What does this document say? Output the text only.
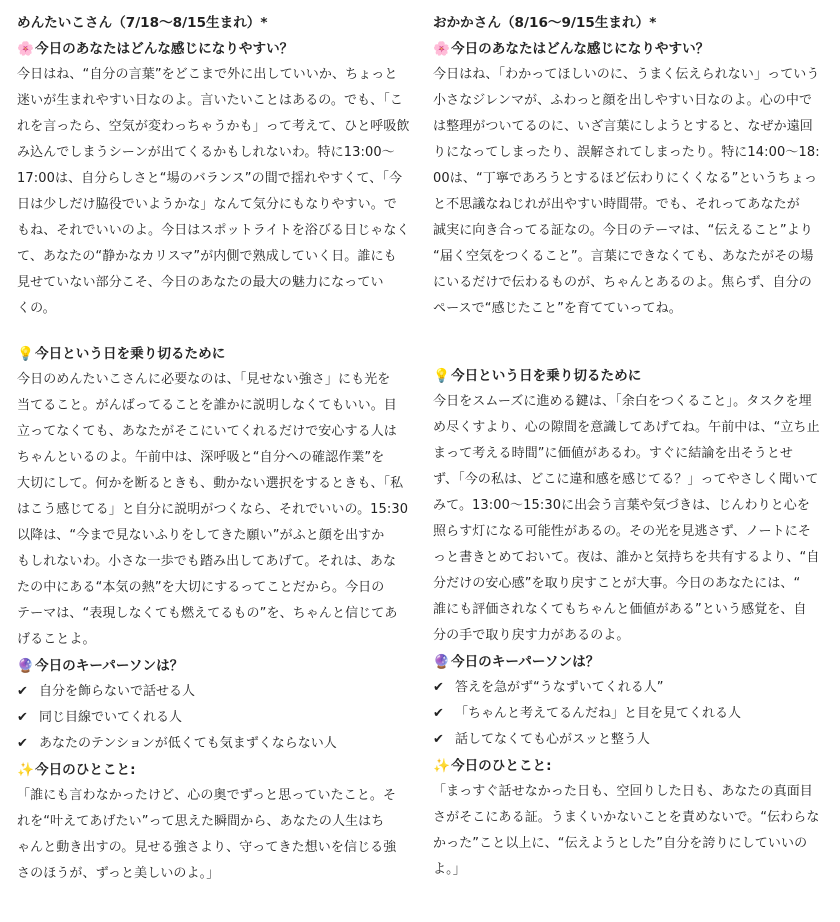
めんたいこさん（7/18〜8/15生まれ）*
🌸今日のあなたはどんな感じになりやすい？
今日はね、“自分の言葉”をどこまで外に出していいか、ちょっと
迷いが生まれやすい日なのよ。言いたいことはあるの。でも、「こ
れを言ったら、空気が変わっちゃうかも」って考えて、ひと呼吸飲
み込んでしまうシーンが出てくるかもしれないわ。特に13:00〜
17:00は、自分らしさと“場のバランス”の間で揺れやすくて、「今
日は少しだけ脇役でいようかな」なんて気分にもなりやすい。で
もね、それでいいのよ。今日はスポットライトを浴びる日じゃなく
て、あなたの“静かなカリスマ”が内側で熟成していく日。誰にも
見せていない部分こそ、今日のあなたの最大の魅力になってい
くの。
💡今日という日を乗り切るために
今日のめんたいこさんに必要なのは、「見せない強さ」にも光を
当てること。がんばってることを誰かに説明しなくてもいい。目
立ってなくても、あなたがそこにいてくれるだけで安心する人は
ちゃんといるのよ。午前中は、深呼吸と“自分への確認作業”を
大切にして。何かを断るときも、動かない選択をするときも、「私
はこう感じてる」と自分に説明がつくなら、それでいいの。15:30
以降は、“今まで見ないふりをしてきた願い”がふと顔を出すか
もしれないわ。小さな一歩でも踏み出してあげて。それは、あな
たの中にある“本気の熱”を大切にするってことだから。今日の
テーマは、“表現しなくても燃えてるもの”を、ちゃんと信じてあ
げることよ。
🔮今日のキーパーソンは？
✔ 自分を飾らないで話せる人
✔ 同じ目線でいてくれる人
✔ あなたのテンションが低くても気まずくならない人
✨今日のひとこと:
「誰にも言わなかったけど、心の奥でずっと思っていたこと。そ
れを“叶えてあげたい”って思えた瞬間から、あなたの人生はち
ゃんと動き出すの。見せる強さより、守ってきた想いを信じる強
さのほうが、ずっと美しいのよ。」
おかかさん（8/16〜9/15生まれ）*
🌸今日のあなたはどんな感じになりやすい？
今日はね、「わかってほしいのに、うまく伝えられない」っていう
小さなジレンマが、ふわっと顔を出しやすい日なのよ。心の中で
は整理がついてるのに、いざ言葉にしようとすると、なぜか遠回
りになってしまったり、誤解されてしまったり。特に14:00〜18:
00は、“丁寧であろうとするほど伝わりにくくなる”というちょっ
と不思議なねじれが出やすい時間帯。でも、それってあなたが
誠実に向き合ってる証なの。今日のテーマは、“伝えること”より
“届く空気をつくること”。言葉にできなくても、あなたがその場
にいるだけで伝わるものが、ちゃんとあるのよ。焦らず、自分の
ペースで“感じたこと”を育てていってね。
💡今日という日を乗り切るために
今日をスムーズに進める鍵は、「余白をつくること」。タスクを埋
め尽くすより、心の隙間を意識してあげてね。午前中は、“立ち止
まって考える時間”に価値があるわ。すぐに結論を出そうとせ
ず、「今の私は、どこに違和感を感じてる？」ってやさしく聞いて
みて。13:00〜15:30に出会う言葉や気づきは、じんわりと心を
照らす灯になる可能性があるの。その光を見逃さず、ノートにそ
っと書きとめておいて。夜は、誰かと気持ちを共有するより、“自
分だけの安心感”を取り戻すことが大事。今日のあなたには、“
誰にも評価されなくてもちゃんと価値がある”という感覚を、自
分の手で取り戻す力があるのよ。
🔮今日のキーパーソンは？
✔ 答えを急がず“うなずいてくれる人”
✔ 「ちゃんと考えてるんだね」と目を見てくれる人
✔ 話してなくても心がスッと整う人
✨今日のひとこと:
「まっすぐ話せなかった日も、空回りした日も、あなたの真面目
さがそこにある証。うまくいかないことを責めないで。“伝わらな
かった”こと以上に、“伝えようとした”自分を誇りにしていいの
よ。」
